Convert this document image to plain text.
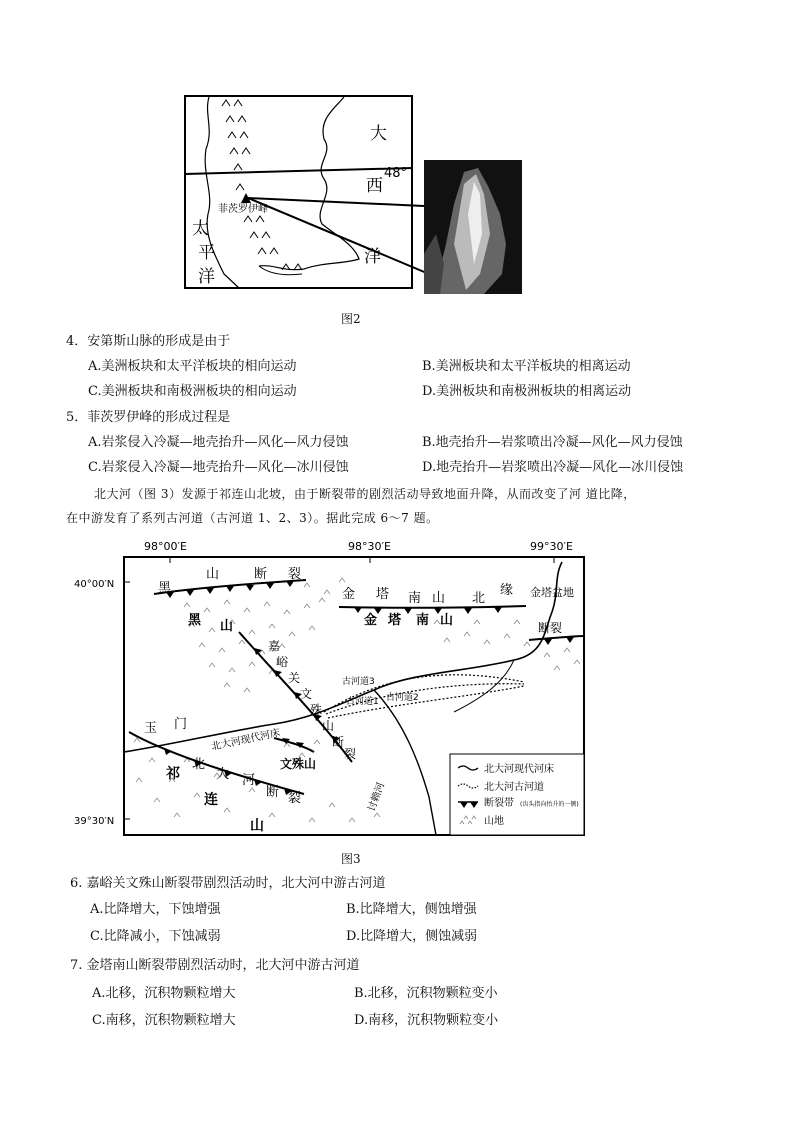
大
西
洋
48°
太
平
洋
菲茨罗伊峰
图2
4．安第斯山脉的形成是由于
A.美洲板块和太平洋板块的相向运动	B.美洲板块和太平洋板块的相离运动
C.美洲板块和南极洲板块的相向运动	D.美洲板块和南极洲板块的相离运动
5．菲茨罗伊峰的形成过程是
A.岩浆侵入冷凝—地壳抬升—风化—风力侵蚀	B.地壳抬升—岩浆喷出冷凝—风化—风力侵蚀
C.岩浆侵入冷凝—地壳抬升—风化—冰川侵蚀	D.地壳抬升—岩浆喷出冷凝—风化—冰川侵蚀
北大河（图 3）发源于祁连山北坡，由于断裂带的剧烈活动导致地面升降，从而改变了河 道比降，
在中游发育了系列古河道（古河道 1、2、3）。据此完成 6～7 题。
98°00′E	98°30′E	99°30′E
40°00′N
39°30′N
黑
山	断 裂
金 塔 南 山 北
缘
金 塔 南 山
黑 山
金塔盆地
断裂
嘉
峪
关
文
殊
山
断
裂
古河道3
古河道1 古河道2
北大河现代河床
玉 门
北
大 河
断 裂
祁
连
山
文殊山
讨赖河
北大河现代河床
北大河古河道
断裂带 (齿头指向抬升的一侧)
山地
图3
6. 嘉峪关文殊山断裂带剧烈活动时，北大河中游古河道
A.比降增大，下蚀增强	B.比降增大，侧蚀增强
C.比降减小，下蚀减弱	D.比降增大，侧蚀减弱
7. 金塔南山断裂带剧烈活动时，北大河中游古河道
A.北移，沉积物颗粒增大	B.北移，沉积物颗粒变小
C.南移，沉积物颗粒增大	D.南移，沉积物颗粒变小
